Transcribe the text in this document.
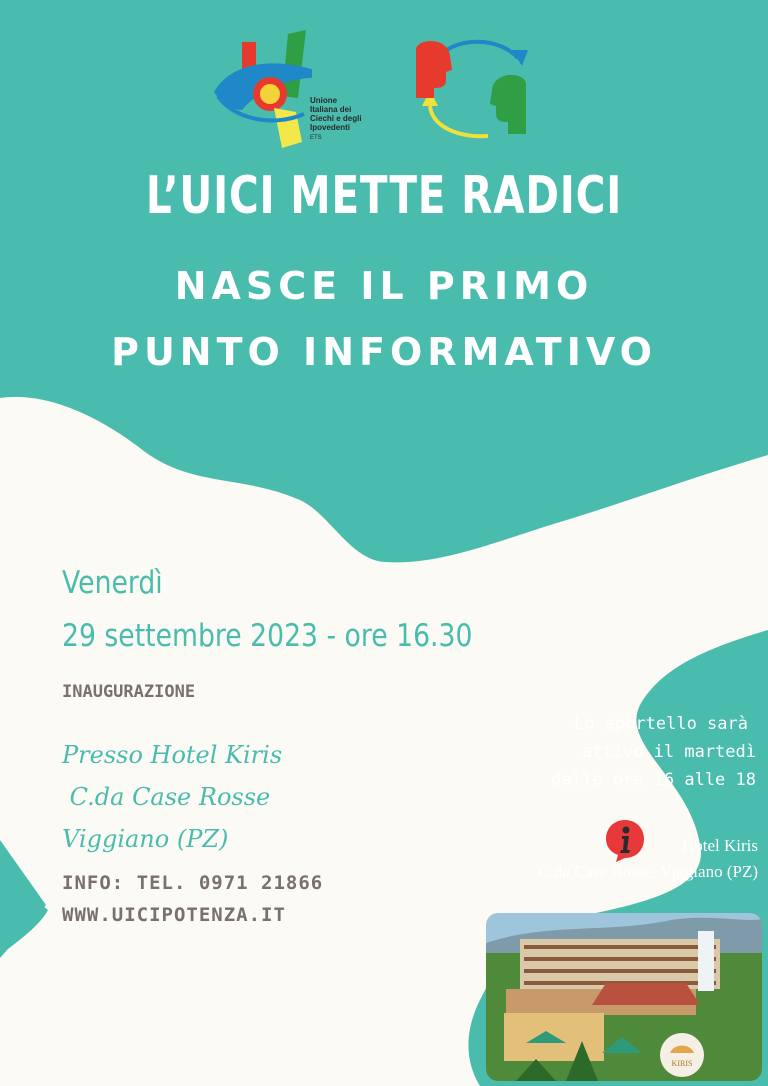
Unione
Italiana dei
Ciechi e degli
Ipovedenti
ETS
L’UICI METTE RADICI
NASCE IL PRIMO
PUNTO INFORMATIVO
Venerdì
29 settembre 2023 - ore 16.30
INAUGURAZIONE
Presso Hotel Kiris
C.da Case Rosse
Viggiano (PZ)
INFO: TEL. 0971 21866
WWW.UICIPOTENZA.IT
Lo sportello sarà
attivo il martedì
dalle ore 16 alle 18
Hotel Kiris
C.da Case Rosse, Viggiano (PZ)
KIRIS
